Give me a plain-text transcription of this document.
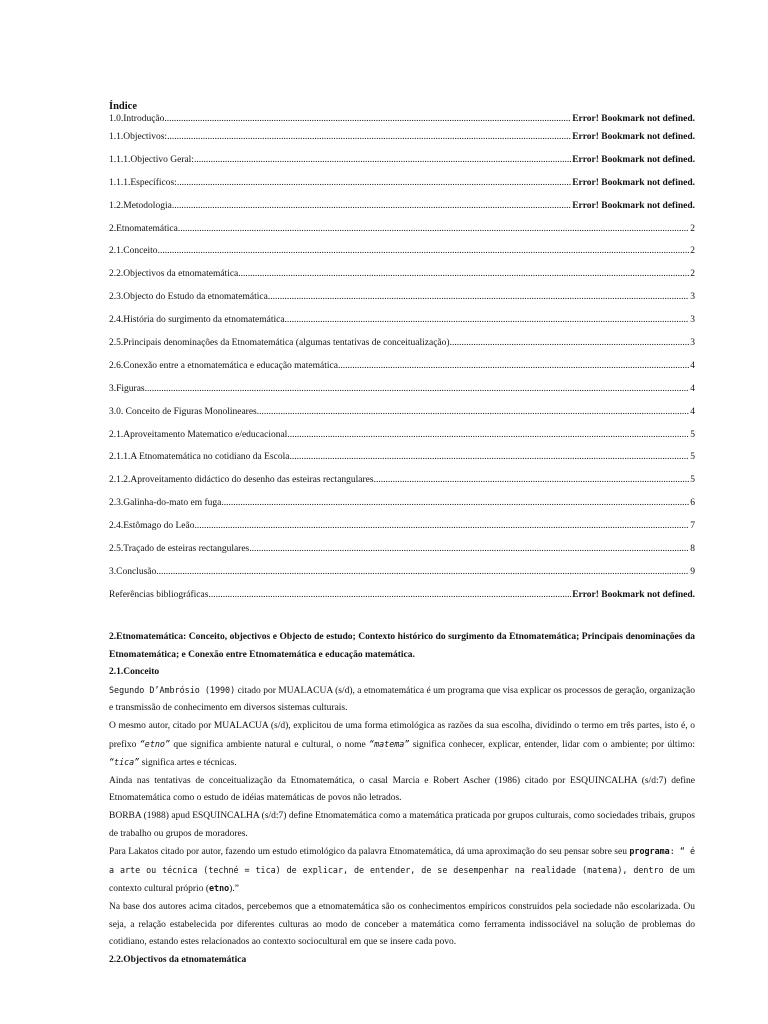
Índice
1.0.Introdução .....	Error! Bookmark not defined.
1.1.Objectivos: .....	Error! Bookmark not defined.
1.1.1.Objectivo Geral: .....	Error! Bookmark not defined.
1.1.1.Específicos: .....	Error! Bookmark not defined.
1.2.Metodologia .....	Error! Bookmark not defined.
2.Etnomatemática .....	2
2.1.Conceito .....	2
2.2.Objectivos da etnomatemática .....	2
2.3.Objecto do Estudo da etnomatemática .....	3
2.4.História do surgimento da etnomatemática .....	3
2.5.Principais denominações da Etnomatemática (algumas tentativas de conceitualização) .....	3
2.6.Conexão entre a etnomatemática e educação matemática .....	4
3.Figuras .....	4
3.0. Conceito de Figuras Monolineares .....	4
2.1.Aproveitamento Matematico e/educacional .....	5
2.1.1.A Etnomatemática no cotidiano da Escola. .....	5
2.1.2.Aproveitamento didáctico do desenho das esteiras rectangulares .....	5
2.3.Galinha-do-mato em fuga .....	6
2.4.Estômago do Leão .....	7
2.5.Traçado de esteiras rectangulares .....	8
3.Conclusão .....	9
Referências bibliográficas .....	Error! Bookmark not defined.
2.Etnomatemática: Conceito, objectivos e Objecto de estudo; Contexto histórico do surgimento da Etnomatemática; Principais denominações da Etnomatemática; e Conexão entre Etnomatemática e educação matemática.
2.1.Conceito

Segundo D’Ambrósio (1990) citado por MUALACUA (s/d), a etnomatemática é um programa que visa explicar os processos de geração, organização e transmissão de conhecimento em diversos sistemas culturais.

O mesmo autor, citado por MUALACUA (s/d), explicitou de uma forma etimológica as razões da sua escolha, dividindo o termo em três partes, isto é, o prefixo “etno” que significa ambiente natural e cultural, o nome “matema” significa conhecer, explicar, entender, lidar com o ambiente; por último: “tica” significa artes e técnicas.

Ainda nas tentativas de conceitualização da Etnomatemática, o casal Marcia e Robert Ascher (1986) citado por ESQUINCALHA (s/d:7) define Etnomatemática como o estudo de idéias matemáticas de povos não letrados.

BORBA (1988) apud ESQUINCALHA (s/d:7) define Etnomatemática como a matemática praticada por grupos culturais, como sociedades tribais, grupos de trabalho ou grupos de moradores.

Para Lakatos citado por autor, fazendo um estudo etimológico da palavra Etnomatemática, dá uma aproximação do seu pensar sobre seu programa: “ é a arte ou técnica (techné = tica) de explicar, de entender, de se desempenhar na realidade (matema), dentro de um contexto cultural próprio (etno).”

Na base dos autores acima citados, percebemos que a etnomatemática são os conhecimentos empíricos construídos pela sociedade não escolarizada. Ou seja, a relação estabelecida por diferentes culturas ao modo de conceber a matemática como ferramenta indissociável na solução de problemas do cotidiano, estando estes relacionados ao contexto sociocultural em que se insere cada povo.

2.2.Objectivos da etnomatemática
